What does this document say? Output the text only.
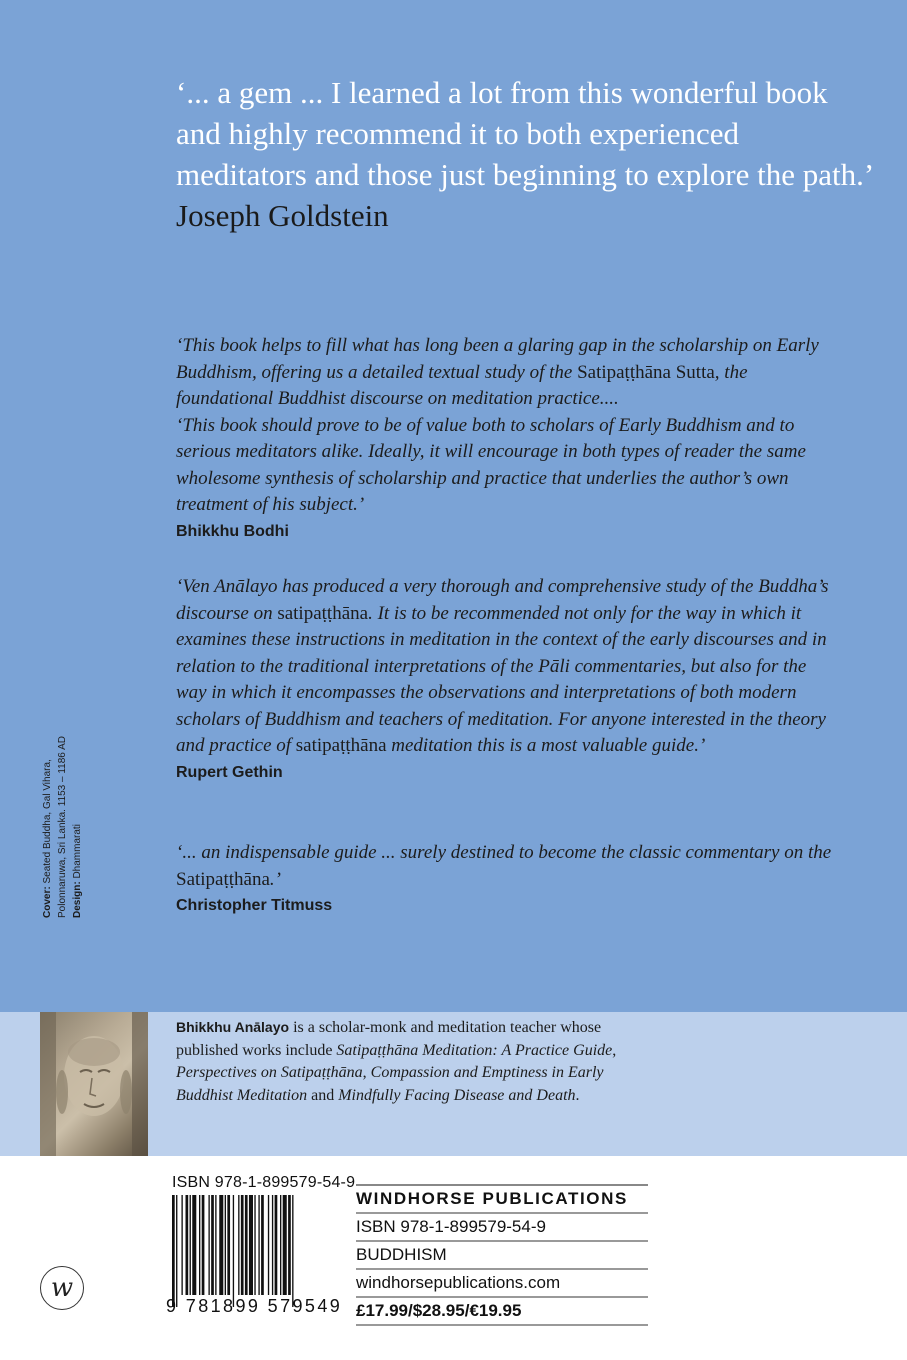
‘... a gem ... I learned a lot from this wonderful book and highly recommend it to both experienced meditators and those just beginning to explore the path.’ Joseph Goldstein

‘This book helps to fill what has long been a glaring gap in the scholarship on Early Buddhism, offering us a detailed textual study of the Satipaṭṭhāna Sutta, the foundational Buddhist discourse on meditation practice....

‘This book should prove to be of value both to scholars of Early Buddhism and to serious meditators alike. Ideally, it will encourage in both types of reader the same wholesome synthesis of scholarship and practice that underlies the author’s own treatment of his subject.’

Bhikkhu Bodhi

‘Ven Anālayo has produced a very thorough and comprehensive study of the Buddha’s discourse on satipaṭṭhāna. It is to be recommended not only for the way in which it examines these instructions in meditation in the context of the early discourses and in relation to the traditional interpretations of the Pāli commentaries, but also for the way in which it encompasses the observations and interpretations of both modern scholars of Buddhism and teachers of meditation. For anyone interested in the theory and practice of satipaṭṭhāna meditation this is a most valuable guide.’

Rupert Gethin

‘... an indispensable guide ... surely destined to become the classic commentary on the Satipaṭṭhāna.’

Christopher Titmuss

Cover: Seated Buddha, Gal Vihara, Polonnaruwa, Sri Lanka. 1153 – 1186 AD Design: Dhammarati
Bhikkhu Anālayo is a scholar-monk and meditation teacher whose published works include Satipaṭṭhāna Meditation: A Practice Guide, Perspectives on Satipaṭṭhāna, Compassion and Emptiness in Early Buddhist Meditation and Mindfully Facing Disease and Death.
w
ISBN 978-1-899579-54-9
9 781899 579549
WINDHORSE PUBLICATIONS
ISBN 978-1-899579-54-9
BUDDHISM
windhorsepublications.com
£17.99/$28.95/€19.95
